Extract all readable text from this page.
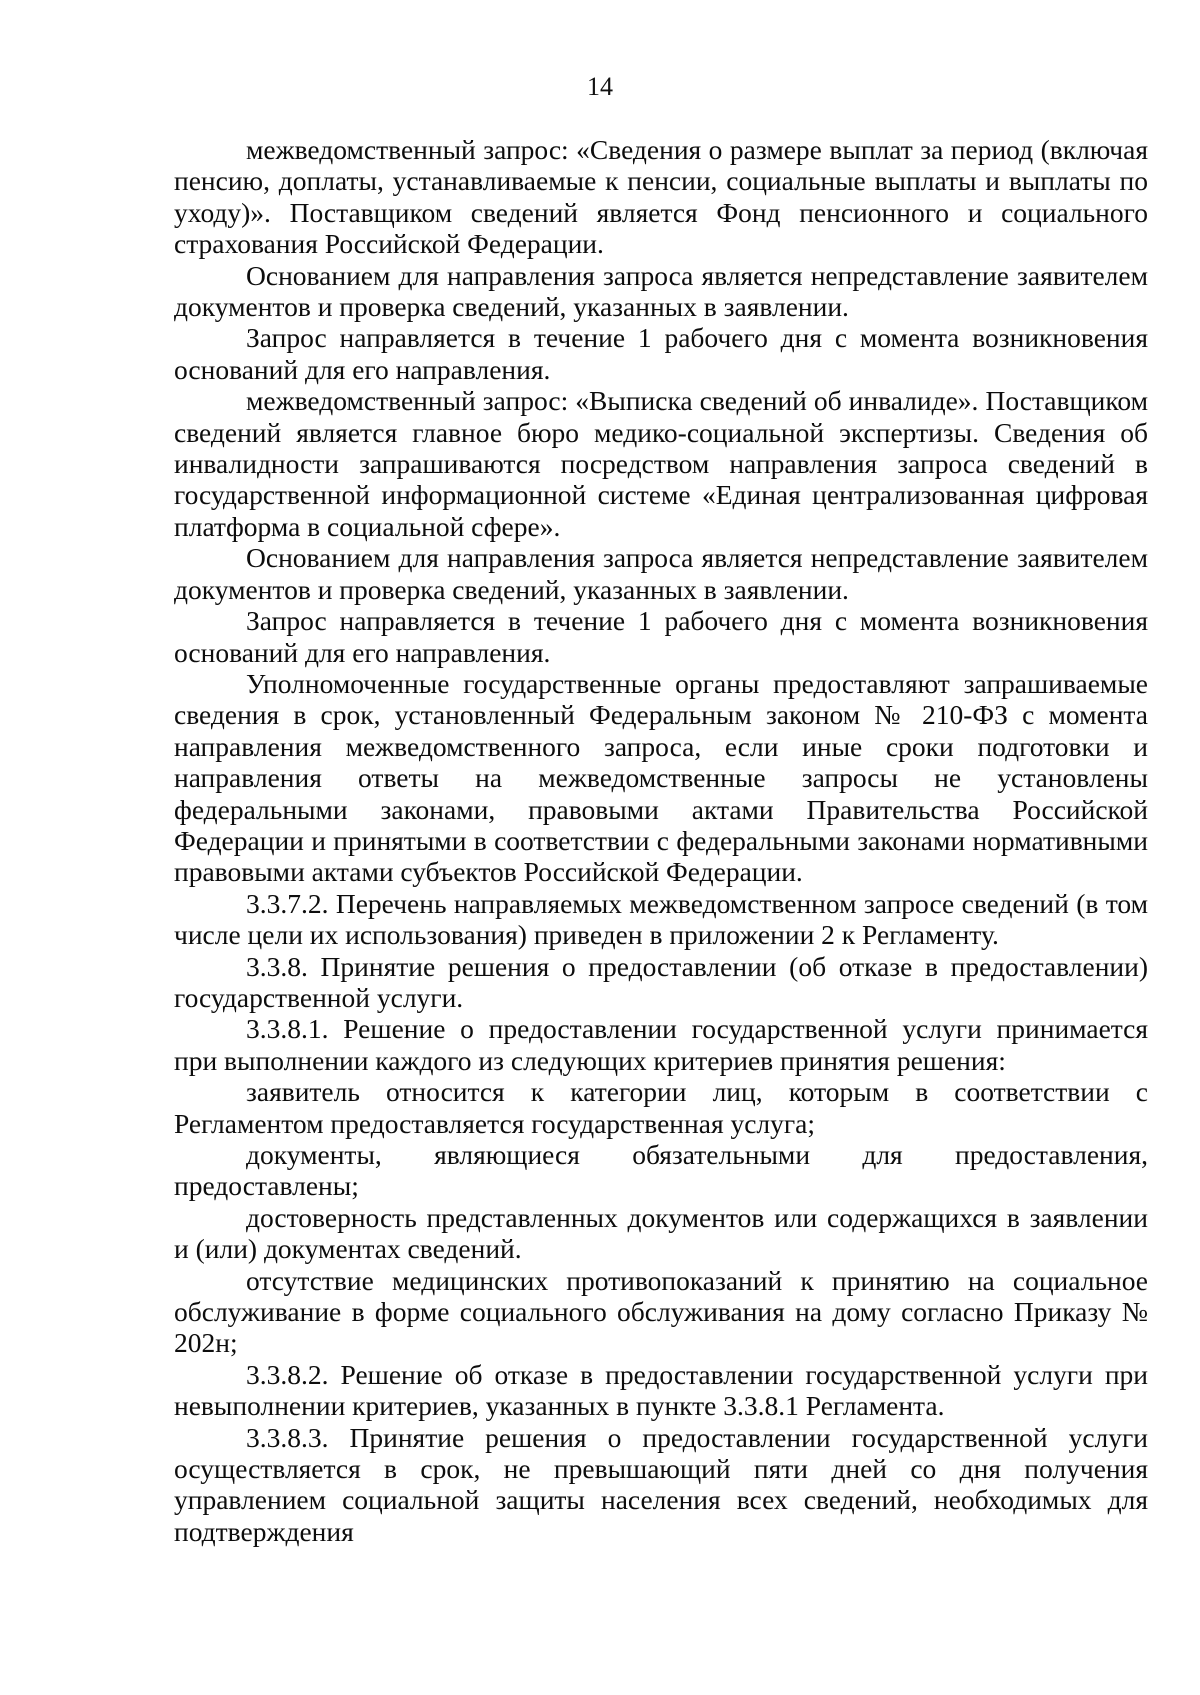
14

межведомственный запрос: «Сведения о размере выплат за период (включая пенсию, доплаты, устанавливаемые к пенсии, социальные выплаты и выплаты по уходу)». Поставщиком сведений является Фонд пенсионного и социального страхования Российской Федерации.

Основанием для направления запроса является непредставление заявителем документов и проверка сведений, указанных в заявлении.

Запрос направляется в течение 1 рабочего дня с момента возникновения оснований для его направления.

межведомственный запрос: «Выписка сведений об инвалиде». Поставщиком сведений является главное бюро медико-социальной экспертизы. Сведения об инвалидности запрашиваются посредством направления запроса сведений в государственной информационной системе «Единая централизованная цифровая платформа в социальной сфере».

Основанием для направления запроса является непредставление заявителем документов и проверка сведений, указанных в заявлении.

Запрос направляется в течение 1 рабочего дня с момента возникновения оснований для его направления.

Уполномоченные государственные органы предоставляют запрашиваемые сведения в срок, установленный Федеральным законом № 210-ФЗ с момента направления межведомственного запроса, если иные сроки подготовки и направления ответы на межведомственные запросы не установлены федеральными законами, правовыми актами Правительства Российской Федерации и принятыми в соответствии с федеральными законами нормативными правовыми актами субъектов Российской Федерации.

3.3.7.2. Перечень направляемых межведомственном запросе сведений (в том числе цели их использования) приведен в приложении 2 к Регламенту.

3.3.8. Принятие решения о предоставлении (об отказе в предоставлении) государственной услуги.

3.3.8.1. Решение о предоставлении государственной услуги принимается при выполнении каждого из следующих критериев принятия решения:

заявитель относится к категории лиц, которым в соответствии с Регламентом предоставляется государственная услуга;

документы, являющиеся обязательными для предоставления, предоставлены;

достоверность представленных документов или содержащихся в заявлении и (или) документах сведений.

отсутствие медицинских противопоказаний к принятию на социальное обслуживание в форме социального обслуживания на дому согласно Приказу № 202н;

3.3.8.2. Решение об отказе в предоставлении государственной услуги при невыполнении критериев, указанных в пункте 3.3.8.1 Регламента.

3.3.8.3. Принятие решения о предоставлении государственной услуги осуществляется в срок, не превышающий пяти дней со дня получения управлением социальной защиты населения всех сведений, необходимых для подтверждения
